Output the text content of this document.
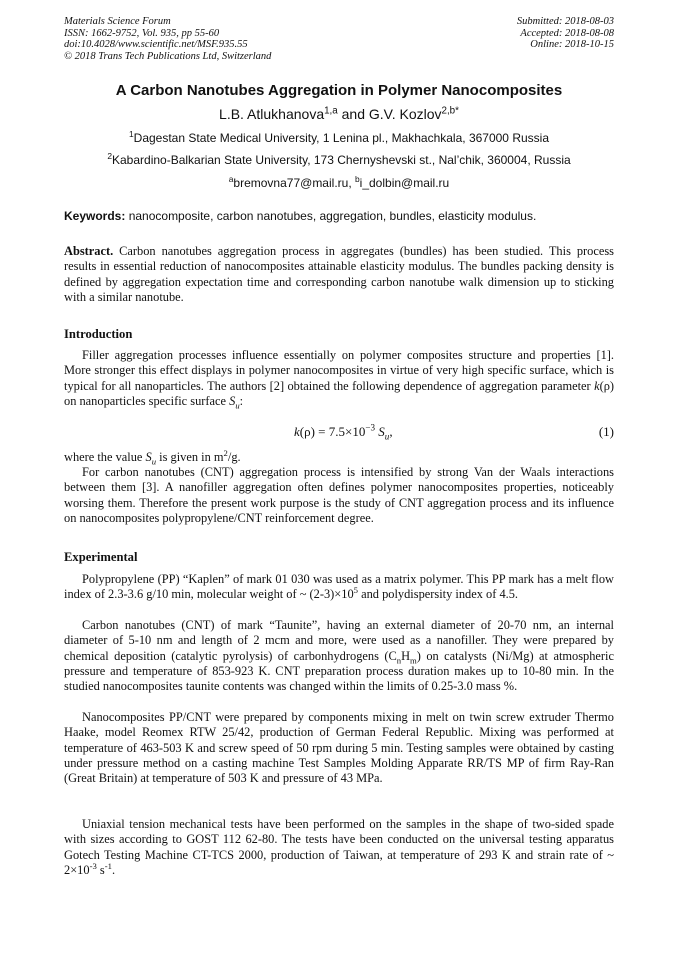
Materials Science Forum
ISSN: 1662-9752, Vol. 935, pp 55-60
doi:10.4028/www.scientific.net/MSF.935.55
© 2018 Trans Tech Publications Ltd, Switzerland
Submitted: 2018-08-03
Accepted: 2018-08-08
Online: 2018-10-15
A Carbon Nanotubes Aggregation in Polymer Nanocomposites
L.B. Atlukhanova$^{1,a}$ and G.V. Kozlov$^{2,b*}$
$^1$Dagestan State Medical University, 1 Lenina pl., Makhachkala, 367000 Russia
$^2$Kabardino-Balkarian State University, 173 Chernyshevski st., Nal’chik, 360004, Russia
$^a$bremovna77@mail.ru, $^b$i_dolbin@mail.ru
Keywords: nanocomposite, carbon nanotubes, aggregation, bundles, elasticity modulus.
Abstract. Carbon nanotubes aggregation process in aggregates (bundles) has been studied. This process results in essential reduction of nanocomposites attainable elasticity modulus. The bundles packing density is defined by aggregation expectation time and corresponding carbon nanotube walk dimension up to sticking with a similar nanotube.
Introduction
Filler aggregation processes influence essentially on polymer composites structure and properties [1]. More stronger this effect displays in polymer nanocomposites in virtue of very high specific surface, which is typical for all nanoparticles. The authors [2] obtained the following dependence of aggregation parameter k(ρ) on nanoparticles specific surface $S_u$:
$k(\rho) = 7.5\times 10^{-3}$ $S_u$,	(1)
where the value $S_u$ is given in $m^2/g$.
For carbon nanotubes (CNT) aggregation process is intensified by strong Van der Waals interactions between them [3]. A nanofiller aggregation often defines polymer nanocomposites properties, noticeably worsing them. Therefore the present work purpose is the study of CNT aggregation process and its influence on nanocomposites polypropylene/CNT reinforcement degree.
Experimental
Polypropylene (PP) “Kaplen” of mark 01 030 was used as a matrix polymer. This PP mark has a melt flow index of 2.3-3.6 g/10 min, molecular weight of ~ $(2-3)\times 10^5$ and polydispersity index of 4.5.
Carbon nanotubes (CNT) of mark “Taunite”, having an external diameter of 20-70 nm, an internal diameter of 5-10 nm and length of 2 mcm and more, were used as a nanofiller. They were prepared by chemical deposition (catalytic pyrolysis) of carbonhydrogens $(C_nH_m)$ on catalysts (Ni/Mg) at atmospheric pressure and temperature of 853-923 K. CNT preparation process duration makes up to 10-80 min. In the studied nanocomposites taunite contents was changed within the limits of 0.25-3.0 mass %.
Nanocomposites PP/CNT were prepared by components mixing in melt on twin screw extruder Thermo Haake, model Reomex RTW 25/42, production of German Federal Republic. Mixing was performed at temperature of 463-503 K and screw speed of 50 rpm during 5 min. Testing samples were obtained by casting under pressure method on a casting machine Test Samples Molding Apparate RR/TS MP of firm Ray-Ran (Great Britain) at temperature of 503 K and pressure of 43 MPa.
Uniaxial tension mechanical tests have been performed on the samples in the shape of two-sided spade with sizes according to GOST 112 62-80. The tests have been conducted on the universal testing apparatus Gotech Testing Machine CT-TCS 2000, production of Taiwan, at temperature of 293 K and strain rate of ~ $2\times 10^{-3}$ $s^{-1}$.
